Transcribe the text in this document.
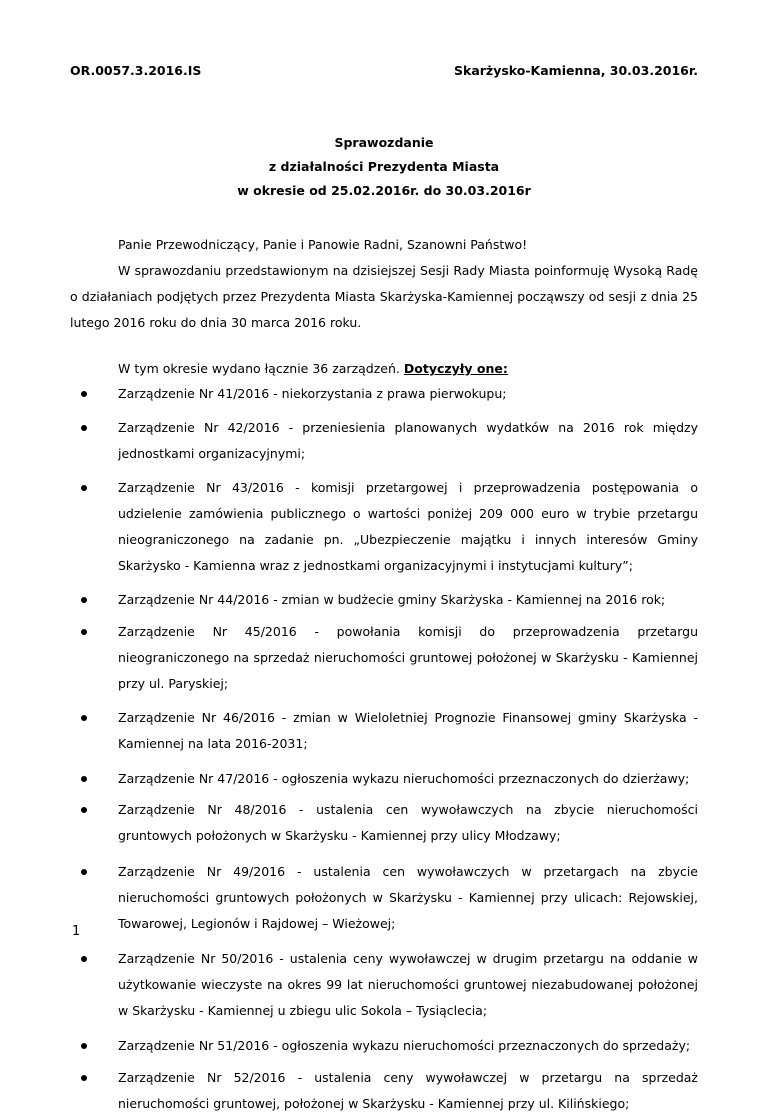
OR.0057.3.2016.IS	Skarżysko-Kamienna, 30.03.2016r.
Sprawozdanie
z działalności Prezydenta Miasta
w okresie od 25.02.2016r. do 30.03.2016r
Panie Przewodniczący, Panie i Panowie Radni, Szanowni Państwo!
W sprawozdaniu przedstawionym na dzisiejszej Sesji Rady Miasta poinformuję Wysoką Radę o działaniach podjętych przez Prezydenta Miasta Skarżyska-Kamiennej począwszy od sesji z dnia 25 lutego 2016 roku do dnia 30 marca 2016 roku.
W tym okresie wydano łącznie 36 zarządzeń. Dotyczyły one:
Zarządzenie Nr 41/2016 - niekorzystania z prawa pierwokupu;
Zarządzenie Nr 42/2016 - przeniesienia planowanych wydatków na 2016 rok między jednostkami organizacyjnymi;
Zarządzenie Nr 43/2016 - komisji przetargowej i przeprowadzenia postępowania o udzielenie zamówienia publicznego o wartości poniżej 209 000 euro w trybie przetargu nieograniczonego na zadanie pn. „Ubezpieczenie majątku i innych interesów Gminy Skarżysko - Kamienna wraz z jednostkami organizacyjnymi i instytucjami kultury”;
Zarządzenie Nr 44/2016 - zmian w budżecie gminy Skarżyska - Kamiennej na 2016 rok;
Zarządzenie Nr 45/2016 - powołania komisji do przeprowadzenia przetargu nieograniczonego na sprzedaż nieruchomości gruntowej położonej w Skarżysku - Kamiennej przy ul. Paryskiej;
Zarządzenie Nr 46/2016 - zmian w Wieloletniej Prognozie Finansowej gminy Skarżyska - Kamiennej na lata 2016-2031;
Zarządzenie Nr 47/2016 - ogłoszenia wykazu nieruchomości przeznaczonych do dzierżawy;
Zarządzenie Nr 48/2016 - ustalenia cen wywoławczych na zbycie nieruchomości gruntowych położonych w Skarżysku - Kamiennej przy ulicy Młodzawy;
Zarządzenie Nr 49/2016 - ustalenia cen wywoławczych w przetargach na zbycie nieruchomości gruntowych położonych w Skarżysku - Kamiennej przy ulicach: Rejowskiej, Towarowej, Legionów i Rajdowej – Wieżowej;
Zarządzenie Nr 50/2016 - ustalenia ceny wywoławczej w drugim przetargu na oddanie w użytkowanie wieczyste na okres 99 lat nieruchomości gruntowej niezabudowanej położonej w Skarżysku - Kamiennej u zbiegu ulic Sokola – Tysiąclecia;
Zarządzenie Nr 51/2016 - ogłoszenia wykazu nieruchomości przeznaczonych do sprzedaży;
Zarządzenie Nr 52/2016 - ustalenia ceny wywoławczej w przetargu na sprzedaż nieruchomości gruntowej, położonej w Skarżysku - Kamiennej przy ul. Kilińskiego;
1
